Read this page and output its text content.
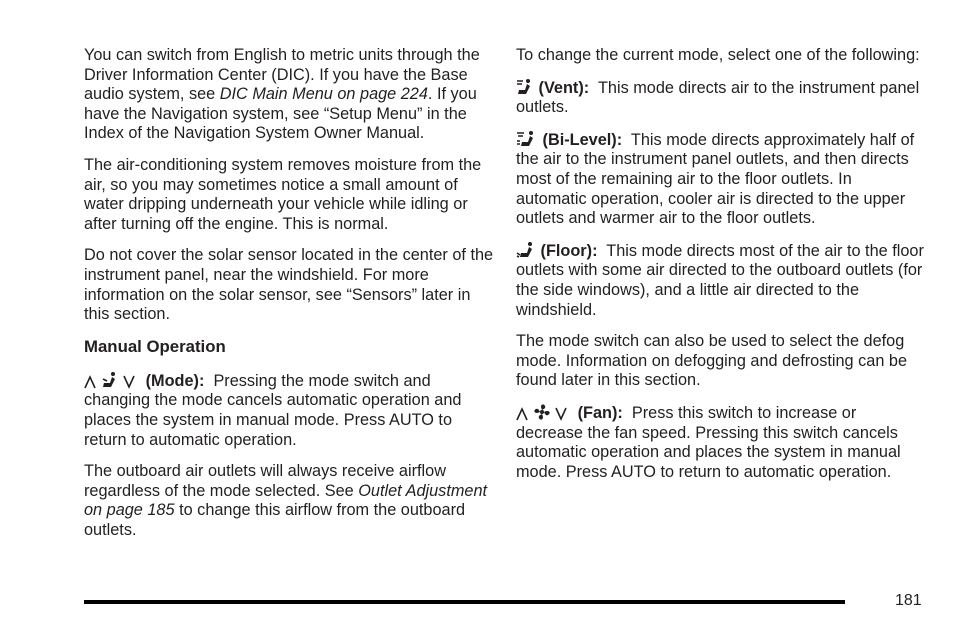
You can switch from English to metric units through the Driver Information Center (DIC). If you have the Base audio system, see DIC Main Menu on page 224. If you have the Navigation system, see “Setup Menu” in the Index of the Navigation System Owner Manual.

The air-conditioning system removes moisture from the air, so you may sometimes notice a small amount of water dripping underneath your vehicle while idling or after turning off the engine. This is normal.

Do not cover the solar sensor located in the center of the instrument panel, near the windshield. For more information on the solar sensor, see “Sensors” later in this section.

Manual Operation

(Mode): Pressing the mode switch and changing the mode cancels automatic operation and places the system in manual mode. Press AUTO to return to automatic operation.

The outboard air outlets will always receive airflow regardless of the mode selected. See Outlet Adjustment on page 185 to change this airflow from the outboard outlets.

To change the current mode, select one of the following:

(Vent): This mode directs air to the instrument panel outlets.

(Bi-Level): This mode directs approximately half of the air to the instrument panel outlets, and then directs most of the remaining air to the floor outlets. In automatic operation, cooler air is directed to the upper outlets and warmer air to the floor outlets.

(Floor): This mode directs most of the air to the floor outlets with some air directed to the outboard outlets (for the side windows), and a little air directed to the windshield.

The mode switch can also be used to select the defog mode. Information on defogging and defrosting can be found later in this section.

(Fan): Press this switch to increase or decrease the fan speed. Pressing this switch cancels automatic operation and places the system in manual mode. Press AUTO to return to automatic operation.

181
